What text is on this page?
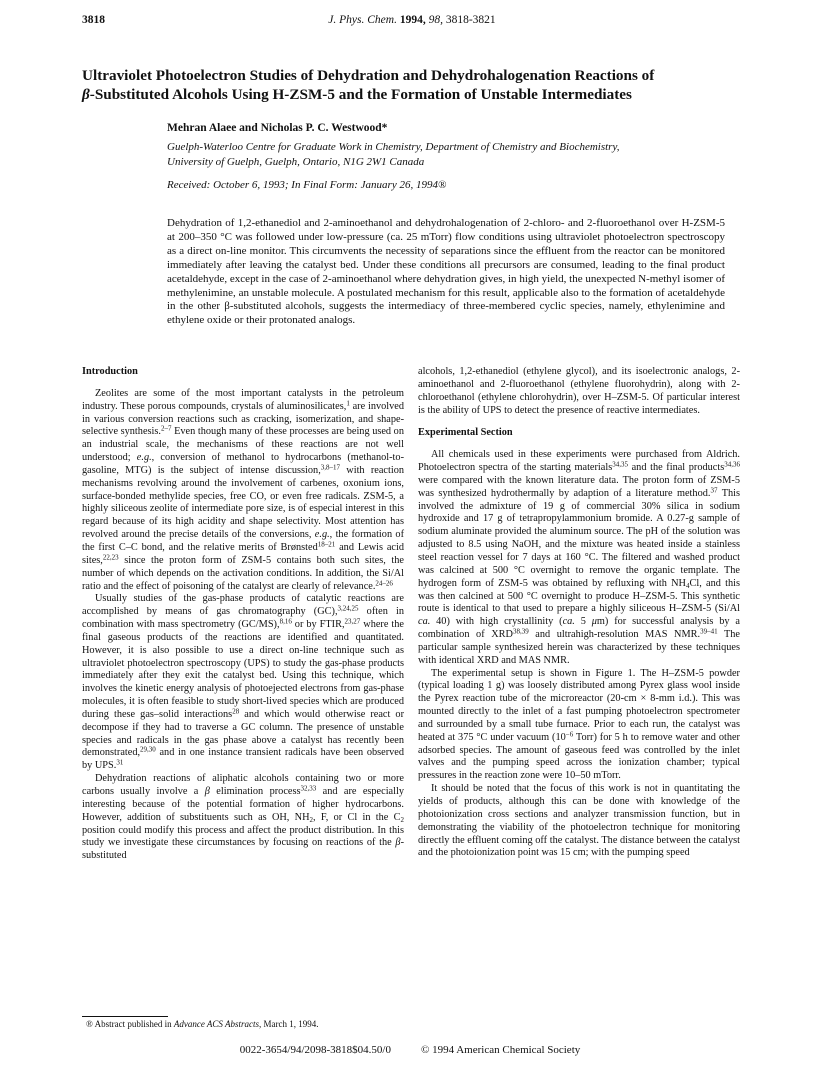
3818	J. Phys. Chem. 1994, 98, 3818-3821
Ultraviolet Photoelectron Studies of Dehydration and Dehydrohalogenation Reactions of
β-Substituted Alcohols Using H-ZSM-5 and the Formation of Unstable Intermediates
Mehran Alaee and Nicholas P. C. Westwood*
Guelph-Waterloo Centre for Graduate Work in Chemistry, Department of Chemistry and Biochemistry,
University of Guelph, Guelph, Ontario, N1G 2W1 Canada
Received: October 6, 1993; In Final Form: January 26, 1994®

Dehydration of 1,2-ethanediol and 2-aminoethanol and dehydrohalogenation of 2-chloro- and 2-fluoroethanol over H-ZSM-5 at 200–350 °C was followed under low-pressure (ca. 25 mTorr) flow conditions using ultraviolet photoelectron spectroscopy as a direct on-line monitor. This circumvents the necessity of separations since the effluent from the reactor can be monitored immediately after leaving the catalyst bed. Under these conditions all precursors are consumed, leading to the final product acetaldehyde, except in the case of 2-aminoethanol where dehydration gives, in high yield, the unexpected N-methyl isomer of methylenimine, an unstable molecule. A postulated mechanism for this result, applicable also to the formation of acetaldehyde in the other β-substituted alcohols, suggests the intermediacy of three-membered cyclic species, namely, ethylenimine and ethylene oxide or their protonated analogs.

Introduction

Zeolites are some of the most important catalysts in the petroleum industry. These porous compounds, crystals of aluminosilicates,$^1$ are involved in various conversion reactions such as cracking, isomerization, and shape-selective synthesis.$^{2-7}$ Even though many of these processes are being used on an industrial scale, the mechanisms of these reactions are not well understood; e.g., conversion of methanol to hydrocarbons (methanol-to-gasoline, MTG) is the subject of intense discussion,$^{3,8-17}$ with reaction mechanisms revolving around the involvement of carbenes, oxonium ions, surface-bonded methylide species, free CO, or even free radicals. ZSM-5, a highly siliceous zeolite of intermediate pore size, is of especial interest in this regard because of its high acidity and shape selectivity. Most attention has revolved around the precise details of the conversions, e.g., the formation of the first C–C bond, and the relative merits of Brønsted$^{18-21}$ and Lewis acid sites,$^{22,23}$ since the proton form of ZSM-5 contains both such sites, the number of which depends on the activation conditions. In addition, the Si/Al ratio and the effect of poisoning of the catalyst are clearly of relevance.$^{24-26}$

Usually studies of the gas-phase products of catalytic reactions are accomplished by means of gas chromatography (GC),$^{3,24,25}$ often in combination with mass spectrometry (GC/MS),$^{8,16}$ or by FTIR,$^{23,27}$ where the final gaseous products of the reactions are identified and quantitated. However, it is also possible to use a direct on-line technique such as ultraviolet photoelectron spectroscopy (UPS) to study the gas-phase products immediately after they exit the catalyst bed. Using this technique, which involves the kinetic energy analysis of photoejected electrons from gas-phase molecules, it is often feasible to study short-lived species which are produced during these gas–solid interactions$^{28}$ and which would otherwise react or decompose if they had to traverse a GC column. The presence of unstable species and radicals in the gas phase above a catalyst has recently been demonstrated,$^{29,30}$ and in one instance transient radicals have been observed by UPS.$^{31}$

Dehydration reactions of aliphatic alcohols containing two or more carbons usually involve a β elimination process$^{32,33}$ and are especially interesting because of the potential formation of higher hydrocarbons. However, addition of substituents such as OH, $NH_2$, F, or Cl in the $C_2$ position could modify this process and affect the product distribution. In this study we investigate these circumstances by focusing on reactions of the β-substituted

alcohols, 1,2-ethanediol (ethylene glycol), and its isoelectronic analogs, 2-aminoethanol and 2-fluoroethanol (ethylene fluorohydrin), along with 2-chloroethanol (ethylene chlorohydrin), over H–ZSM-5. Of particular interest is the ability of UPS to detect the presence of reactive intermediates.

Experimental Section

All chemicals used in these experiments were purchased from Aldrich. Photoelectron spectra of the starting materials$^{34,35}$ and the final products$^{34,36}$ were compared with the known literature data. The proton form of ZSM-5 was synthesized hydrothermally by adaption of a literature method.$^{37}$ This involved the admixture of 19 g of commercial 30% silica in sodium hydroxide and 17 g of tetrapropylammonium bromide. A 0.27-g sample of sodium aluminate provided the aluminum source. The pH of the solution was adjusted to 8.5 using NaOH, and the mixture was heated inside a stainless steel reaction vessel for 7 days at 160 °C. The filtered and washed product was calcined at 500 °C overnight to remove the organic template. The hydrogen form of ZSM-5 was obtained by refluxing with $NH_4Cl$, and this was then calcined at 500 °C overnight to produce H–ZSM-5. This synthetic route is identical to that used to prepare a highly siliceous H–ZSM-5 (Si/Al ca. 40) with high crystallinity (ca. 5 μm) for successful analysis by a combination of XRD$^{38,39}$ and ultrahigh-resolution MAS NMR.$^{39-41}$ The particular sample synthesized herein was characterized by these techniques with identical XRD and MAS NMR.

The experimental setup is shown in Figure 1. The H–ZSM-5 powder (typical loading 1 g) was loosely distributed among Pyrex glass wool inside the Pyrex reaction tube of the microreactor (20-cm × 8-mm i.d.). This was mounted directly to the inlet of a fast pumping photoelectron spectrometer and surrounded by a small tube furnace. Prior to each run, the catalyst was heated at 375 °C under vacuum ($10^{-6}$ Torr) for 5 h to remove water and other adsorbed species. The amount of gaseous feed was controlled by the inlet valves and the pumping speed across the ionization chamber; typical pressures in the reaction zone were 10–50 mTorr.

It should be noted that the focus of this work is not in quantitating the yields of products, although this can be done with knowledge of the photoionization cross sections and analyzer transmission function, but in demonstrating the viability of the photoelectron technique for monitoring directly the effluent coming off the catalyst. The distance between the catalyst and the photoionization point was 15 cm; with the pumping speed

® Abstract published in Advance ACS Abstracts, March 1, 1994.
0022-3654/94/2098-3818$04.50/0	© 1994 American Chemical Society
